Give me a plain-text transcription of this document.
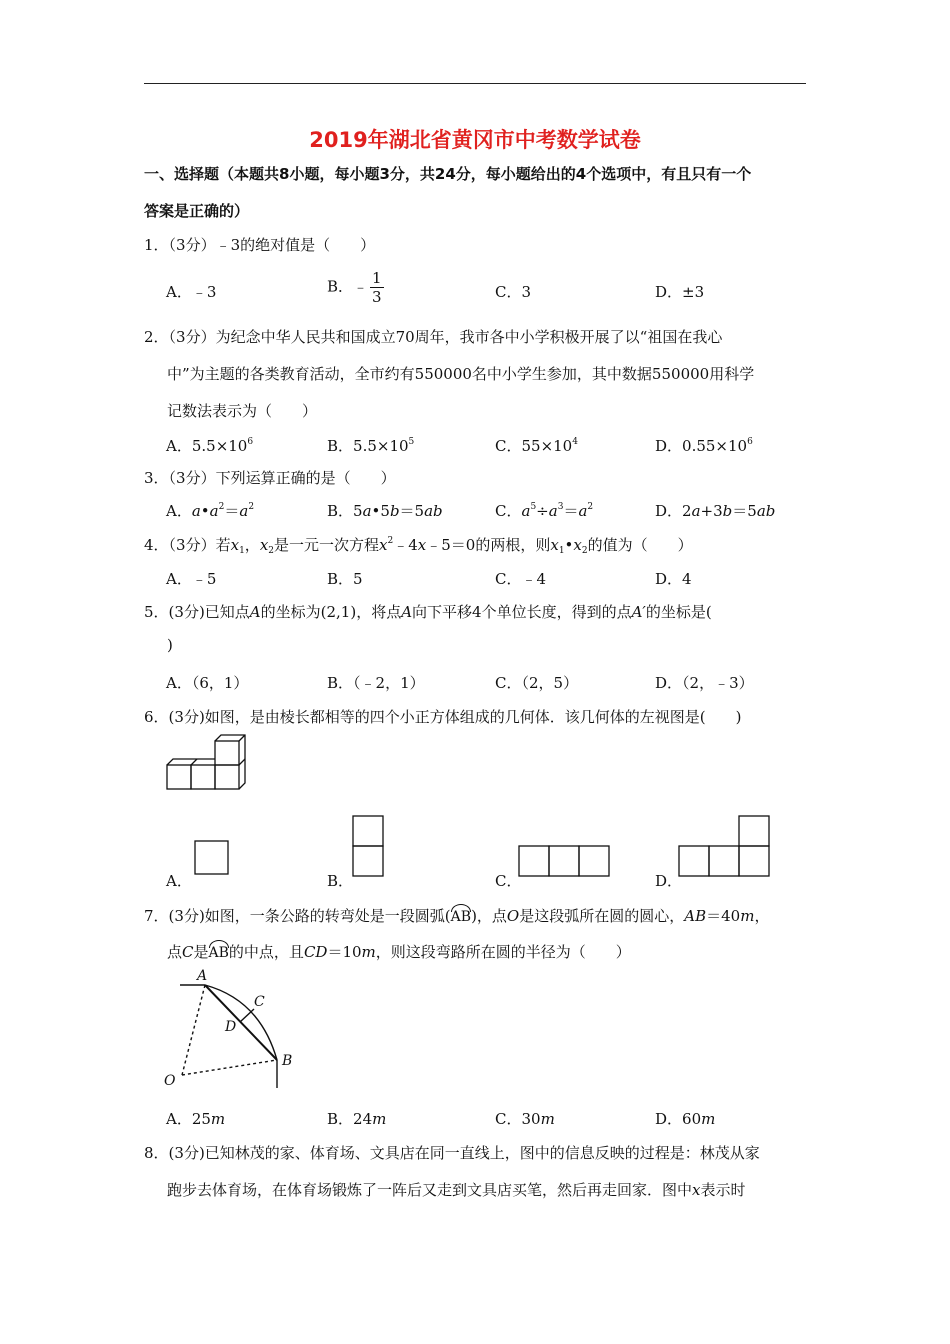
2019年湖北省黄冈市中考数学试卷
一、选择题（本题共8小题，每小题3分，共24分，每小题给出的4个选项中，有且只有一个
答案是正确的）
1．（3分）﹣3的绝对值是（　　）
A．﹣3	B．﹣ $\frac{1}{3}$	C．3	D．±3
2．（3分）为纪念中华人民共和国成立70周年，我市各中小学积极开展了以“祖国在我心
中”为主题的各类教育活动，全市约有550000名中小学生参加，其中数据550000用科学
记数法表示为（　　）
A．$5.5\times 10^6$	B．$5.5\times 10^5$	C．$55\times 10^4$	D．$0.55\times 10^6$
3．（3分）下列运算正确的是（　　）
A．$a•a^2=a^2$	B．5a•5b＝5ab	C．$a^5\div a^3=a^2$	D．2a+3b＝5ab
4．（3分）若$x_1$，$x_2$是一元一次方程$x^2﹣4x﹣5=0$的两根，则$x_1•x_2$的值为（　　）
A．﹣5	B．5	C．﹣4	D．4
5．(3分)已知点A的坐标为(2,1)，将点A向下平移4个单位长度，得到的点A′的坐标是(
)
A．（6，1）	B．（﹣2，1）	C．（2，5）	D．（2，﹣3）
6．(3分)如图，是由棱长都相等的四个小正方体组成的几何体．该几何体的左视图是(　　)
A．	B．	C．	D．
7．(3分)如图，一条公路的转弯处是一段圆弧(AB)，点O是这段弧所在圆的圆心，AB＝40m，
点C是AB的中点，且CD＝10m，则这段弯路所在圆的半径为（　　）
A
C
D
B
O
A．25m	B．24m	C．30m	D．60m
8．(3分)已知林茂的家、体育场、文具店在同一直线上，图中的信息反映的过程是：林茂从家
跑步去体育场，在体育场锻炼了一阵后又走到文具店买笔，然后再走回家．图中x表示时
